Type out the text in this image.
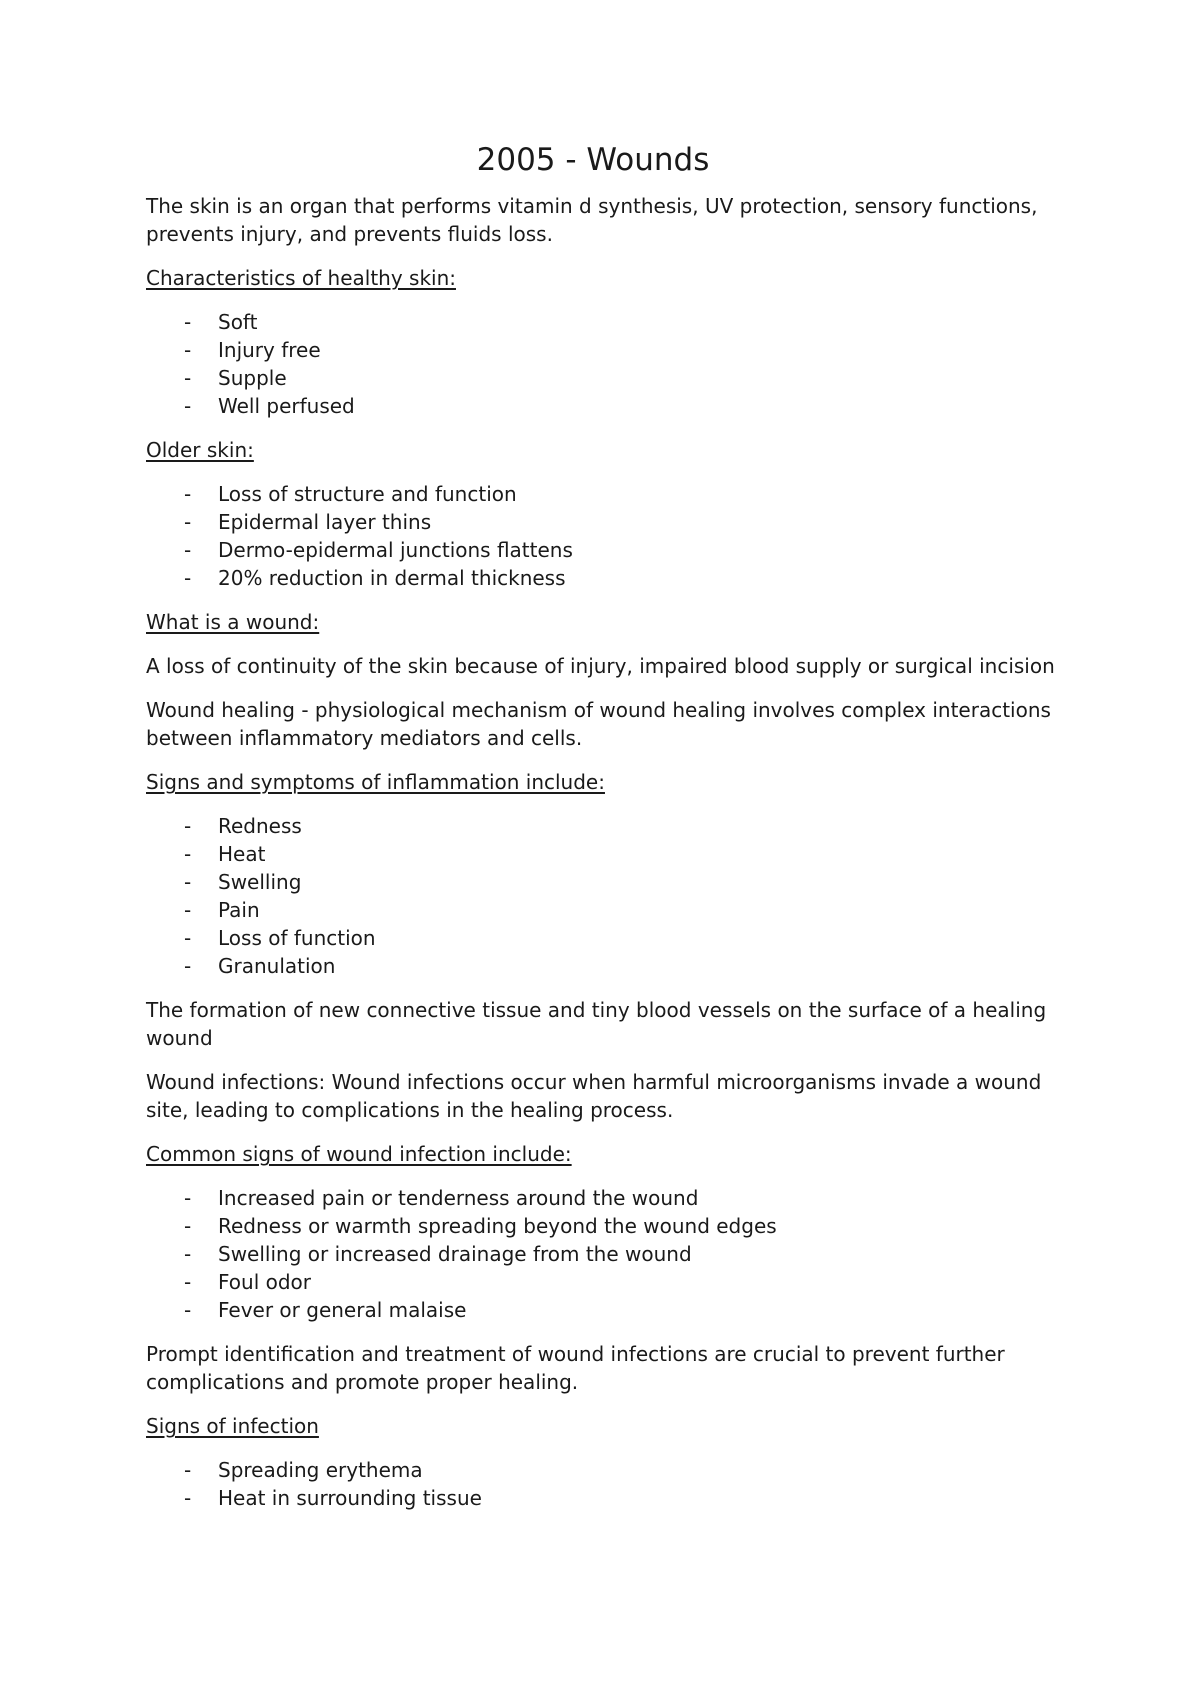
2005 - Wounds

The skin is an organ that performs vitamin d synthesis, UV protection, sensory functions, prevents injury, and prevents fluids loss.

Characteristics of healthy skin:

- Soft
- Injury free
- Supple
- Well perfused

Older skin:

- Loss of structure and function
- Epidermal layer thins
- Dermo-epidermal junctions flattens
- 20% reduction in dermal thickness

What is a wound:

A loss of continuity of the skin because of injury, impaired blood supply or surgical incision

Wound healing - physiological mechanism of wound healing involves complex interactions between inflammatory mediators and cells.

Signs and symptoms of inflammation include:

- Redness
- Heat
- Swelling
- Pain
- Loss of function
- Granulation

The formation of new connective tissue and tiny blood vessels on the surface of a healing wound

Wound infections: Wound infections occur when harmful microorganisms invade a wound site, leading to complications in the healing process.

Common signs of wound infection include:

- Increased pain or tenderness around the wound
- Redness or warmth spreading beyond the wound edges
- Swelling or increased drainage from the wound
- Foul odor
- Fever or general malaise

Prompt identification and treatment of wound infections are crucial to prevent further complications and promote proper healing.

Signs of infection

- Spreading erythema
- Heat in surrounding tissue
